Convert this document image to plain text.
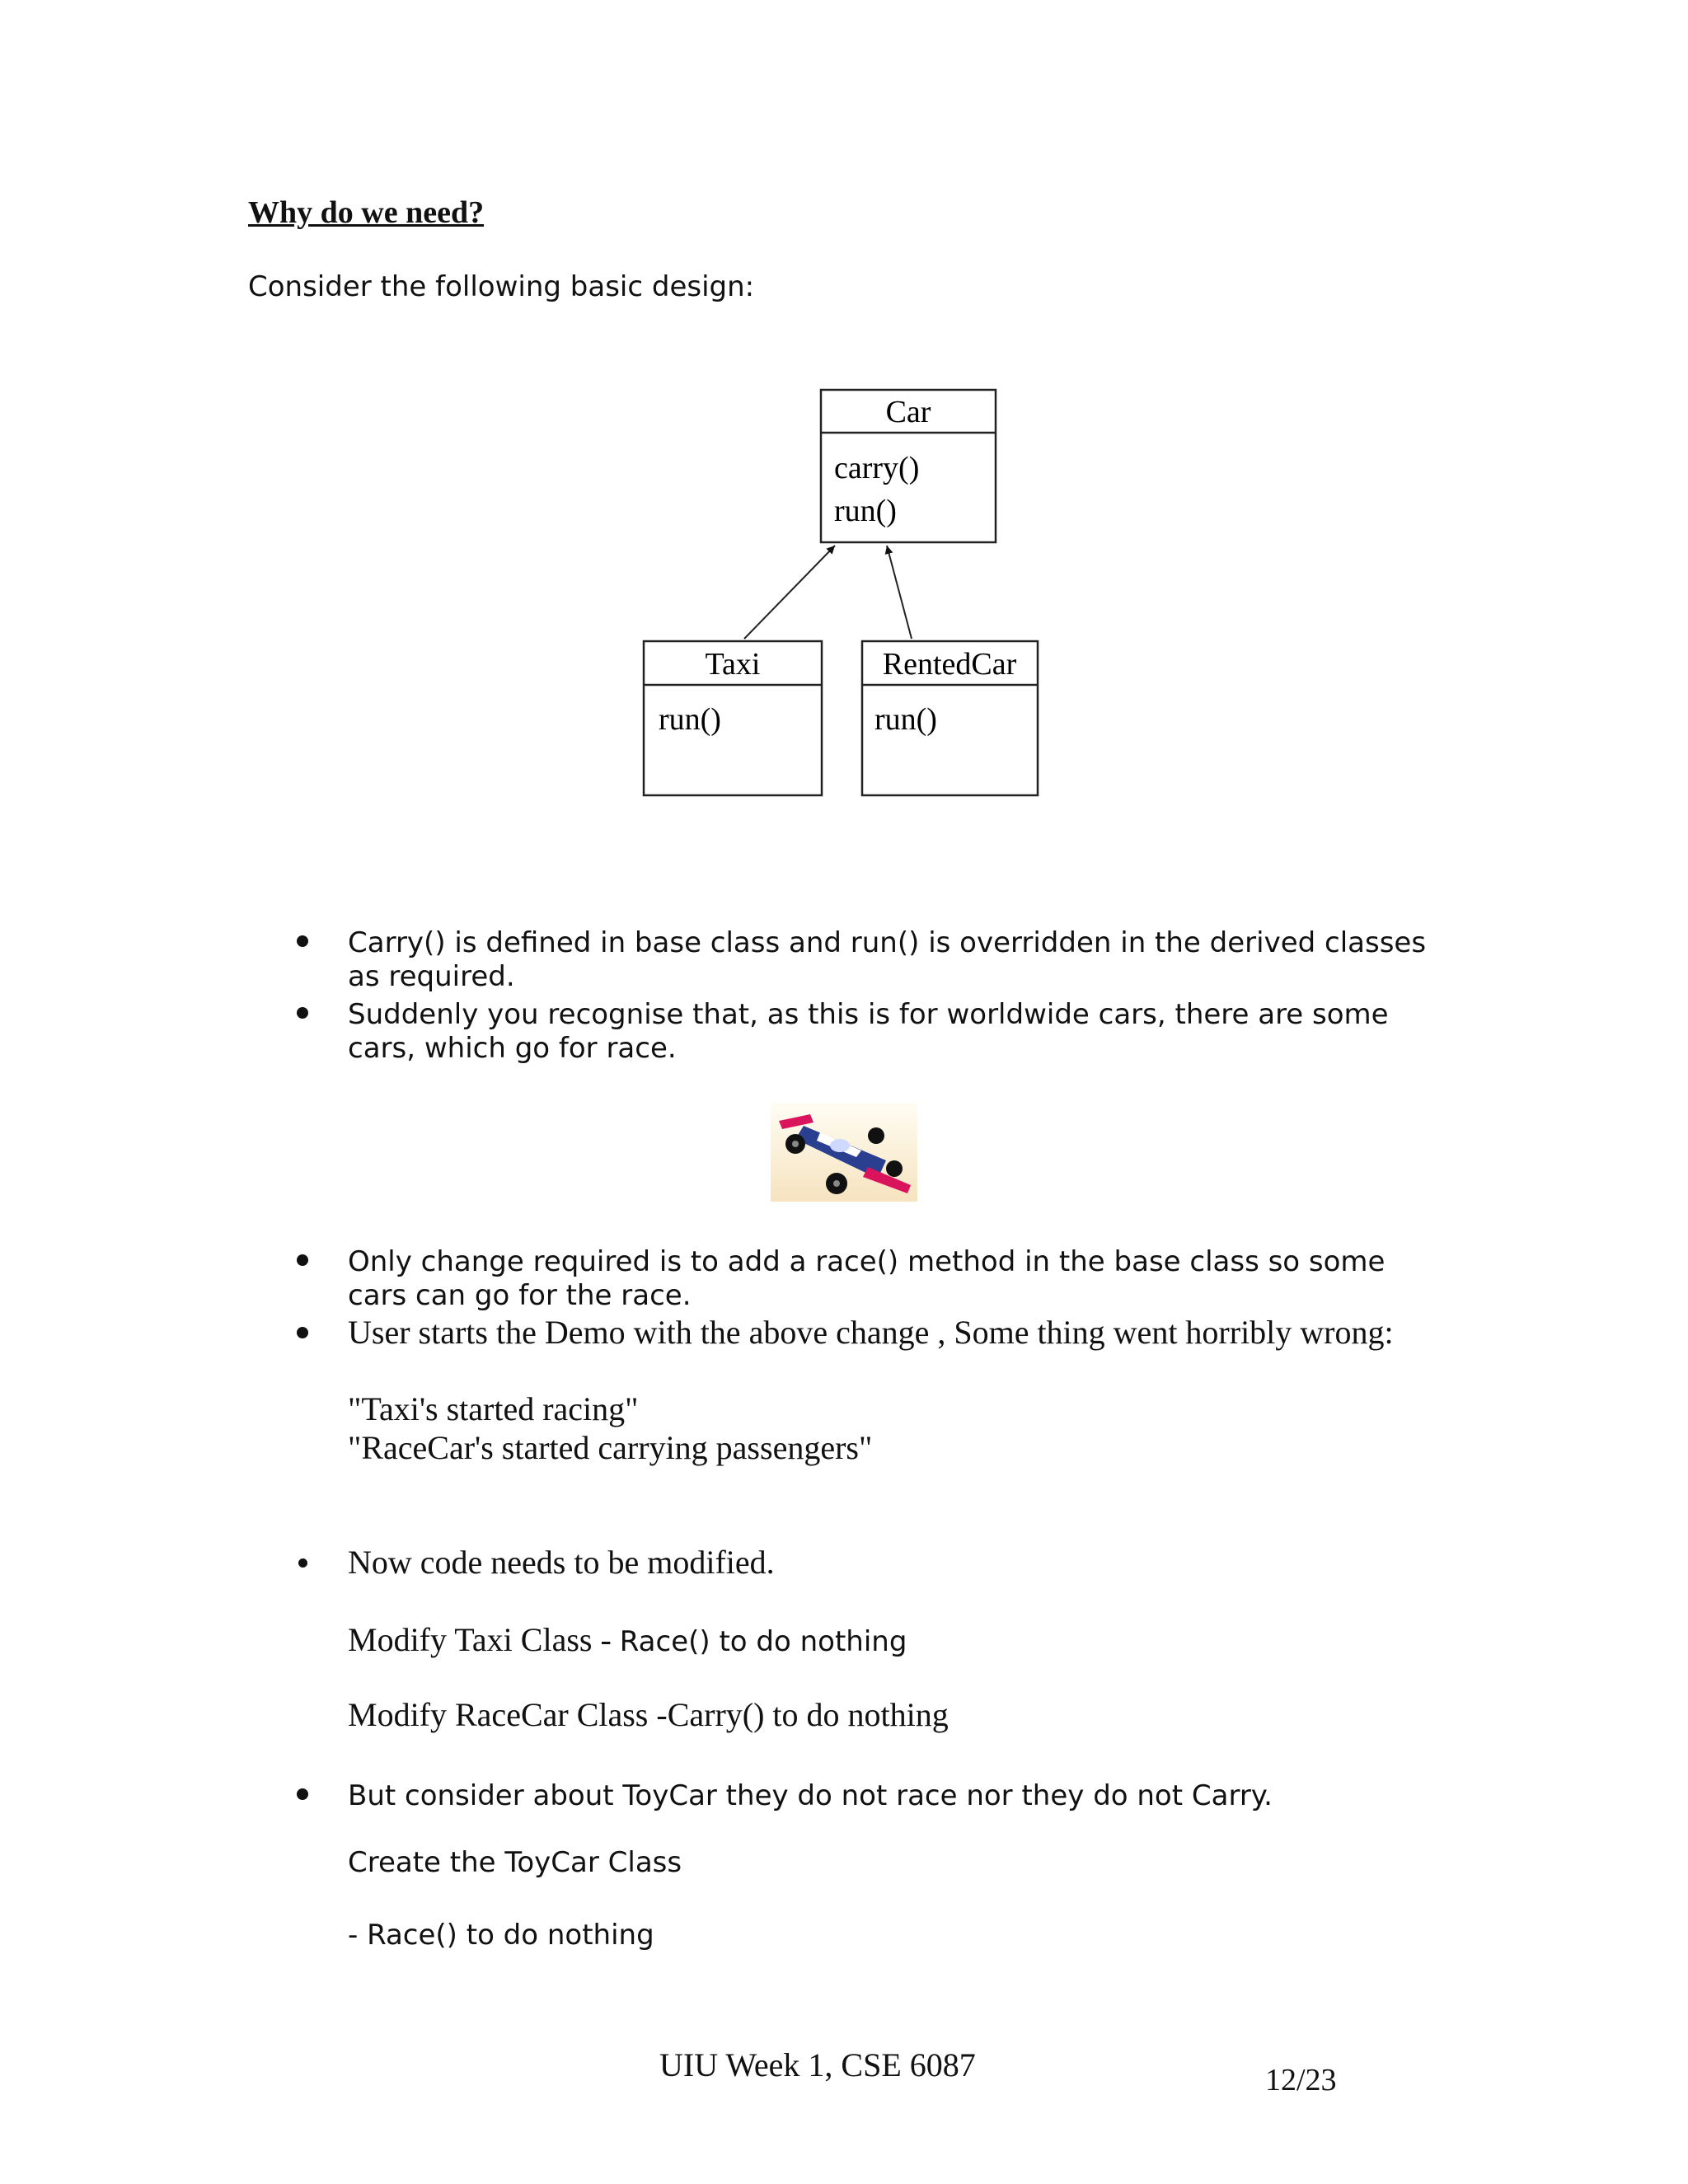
Why do we need?
Consider the following basic design:
Car
carry()
run()
Taxi
run()
RentedCar
run()
Carry() is defined in base class and run() is overridden in the derived classes as required.
Suddenly you recognise that, as this is for worldwide cars, there are some cars, which go for race.
Only change required is to add a race() method in the base class so some cars can go for the race.
User starts the Demo with the above change , Some thing went horribly wrong:
"Taxi's started racing"
"RaceCar's started carrying passengers"
Now code needs to be modified.
Modify Taxi Class - Race() to do nothing
Modify RaceCar Class -Carry() to do nothing
But consider about ToyCar they do not race nor they do not Carry.
Create the ToyCar Class
- Race() to do nothing
UIU Week 1, CSE 6087	12/23
